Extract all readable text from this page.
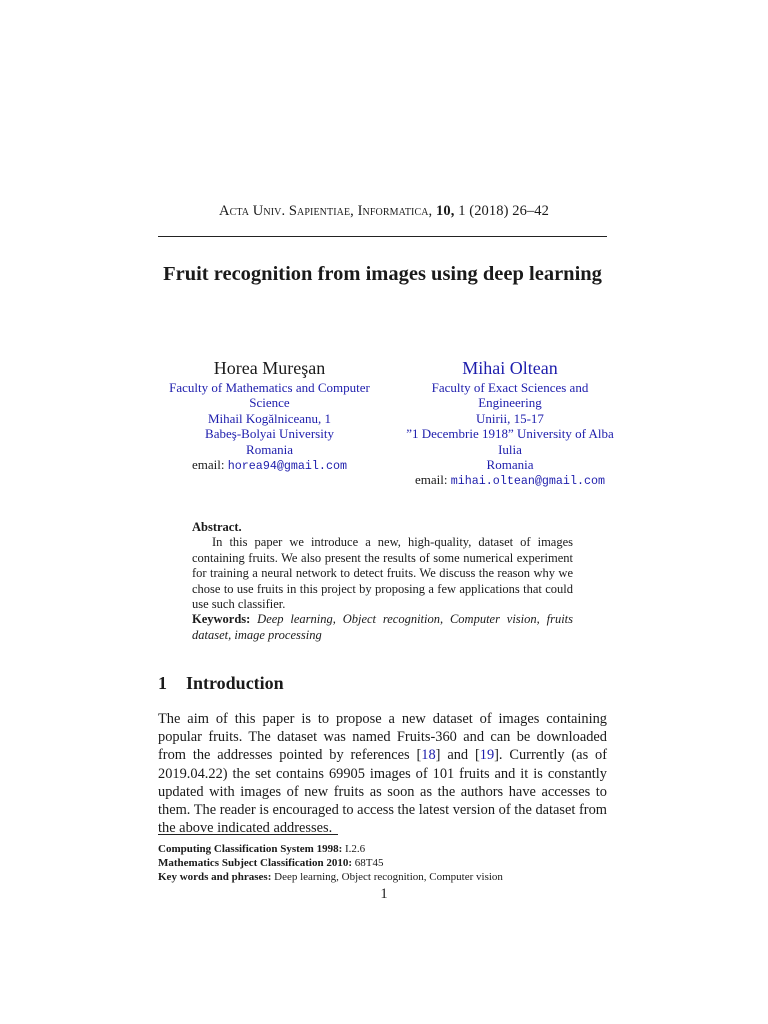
Acta Univ. Sapientiae, Informatica, 10, 1 (2018) 26–42
Fruit recognition from images using deep learning
Horea Mureşan
Faculty of Mathematics and Computer Science
Mihail Kogălniceanu, 1
Babeş-Bolyai University
Romania
email: horea94@gmail.com
Mihai Oltean
Faculty of Exact Sciences and Engineering
Unirii, 15-17
”1 Decembrie 1918” University of Alba Iulia
Romania
email: mihai.oltean@gmail.com
Abstract.
In this paper we introduce a new, high-quality, dataset of images containing fruits. We also present the results of some numerical experiment for training a neural network to detect fruits. We discuss the reason why we chose to use fruits in this project by proposing a few applications that could use such classifier.
Keywords: Deep learning, Object recognition, Computer vision, fruits dataset, image processing
1 Introduction
The aim of this paper is to propose a new dataset of images containing popular fruits. The dataset was named Fruits-360 and can be downloaded from the addresses pointed by references [18] and [19]. Currently (as of 2019.04.22) the set contains 69905 images of 101 fruits and it is constantly updated with images of new fruits as soon as the authors have accesses to them. The reader is encouraged to access the latest version of the dataset from the above indicated addresses.
Computing Classification System 1998: I.2.6
Mathematics Subject Classification 2010: 68T45
Key words and phrases: Deep learning, Object recognition, Computer vision
1
